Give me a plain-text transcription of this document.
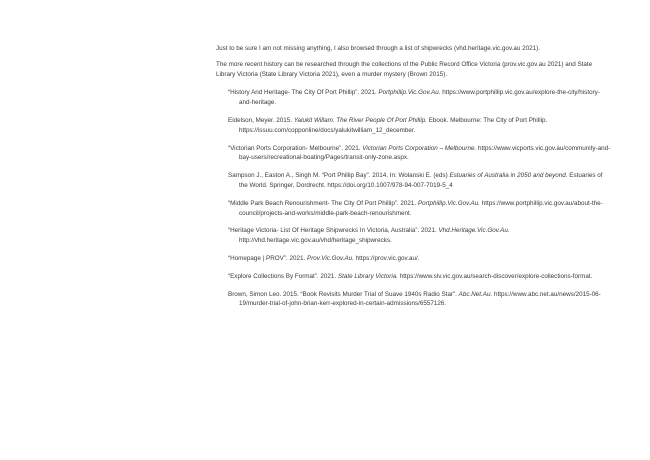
Just to be sure I am not missing anything, I also browsed through a list of shipwrecks (vhd.heritage.vic.gov.au 2021).

The more recent history can be researched through the collections of the Public Record Office Victoria (prov.vic.gov.au 2021) and State Library Victoria (State Library Victoria 2021), even a murder mystery (Brown 2015).

“History And Heritage- The City Of Port Phillip”. 2021. Portphillip.Vic.Gov.Au. https://www.portphillip.vic.gov.au/explore-the-city/history-and-heritage.
Eidelson, Meyer. 2015. Yalukit Willam. The River People Of Port Phillip. Ebook. Melbourne: The City of Port Phillip. https://issuu.com/copponline/docs/yalukitwilliam_12_december.
“Victorian Ports Corporation- Melbourne”. 2021. Victorian Ports Corporation – Melbourne. https://www.vicports.vic.gov.au/community-and-bay-users/recreational-boating/Pages/transit-only-zone.aspx.
Sampson J., Easton A., Singh M. “Port Phillip Bay”. 2014. In: Wolanski E. (eds) Estuaries of Australia in 2050 and beyond. Estuaries of the World. Springer, Dordrecht. https://doi.org/10.1007/978-94-007-7019-5_4
“Middle Park Beach Renourishment- The City Of Port Phillip”. 2021. Portphillip.Vic.Gov.Au. https://www.portphillip.vic.gov.au/about-the-council/projects-and-works/middle-park-beach-renourishment.
“Heritage Victoria- List Of Heritage Shipwrecks In Victoria, Australia”. 2021. Vhd.Heritage.Vic.Gov.Au. http://vhd.heritage.vic.gov.au/vhd/heritage_shipwrecks.
“Homepage | PROV”. 2021. Prov.Vic.Gov.Au. https://prov.vic.gov.au/.
“Explore Collections By Format”. 2021. State Library Victoria. https://www.slv.vic.gov.au/search-discover/explore-collections-format.
Brown, Simon Leo. 2015. “Book Revisits Murder Trial of Suave 1940s Radio Star”. Abc.Net.Au. https://www.abc.net.au/news/2015-06-19/murder-trial-of-john-brian-kerr-explored-in-certain-admissions/6557126.
